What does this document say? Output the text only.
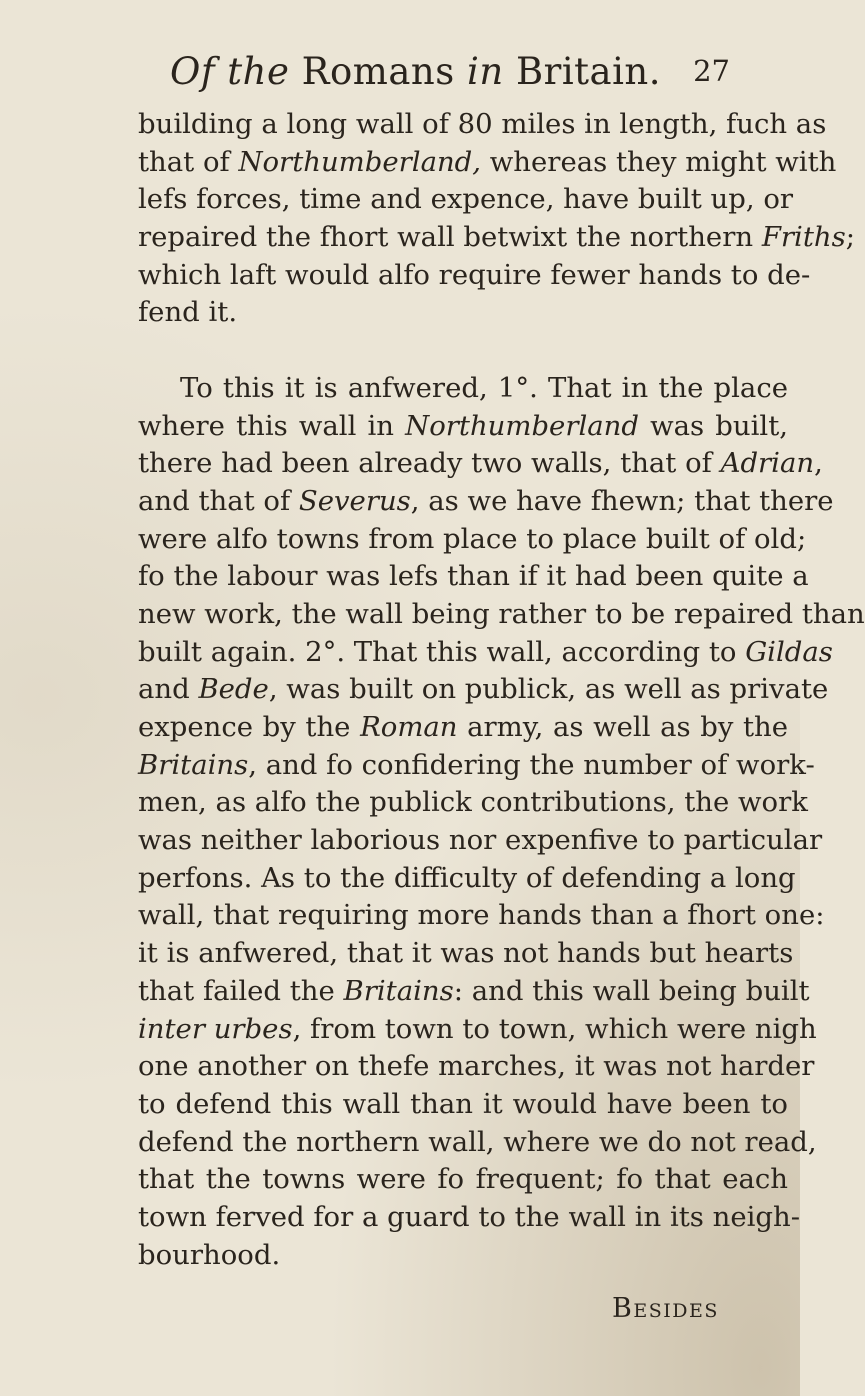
Of the Romans in Britain. 27
building a long wall of 80 miles in length, fuch as
that of Northumberland, whereas they might with
lefs forces, time and expence, have built up, or
repaired the fhort wall betwixt the northern Friths;
which laft would alfo require fewer hands to de-
fend it.
To this it is anfwered, 1°. That in the place
where this wall in Northumberland was built,
there had been already two walls, that of Adrian,
and that of Severus, as we have fhewn; that there
were alfo towns from place to place built of old;
fo the labour was lefs than if it had been quite a
new work, the wall being rather to be repaired than
built again. 2°. That this wall, according to Gildas
and Bede, was built on publick, as well as private
expence by the Roman army, as well as by the
Britains, and fo confidering the number of work-
men, as alfo the publick contributions, the work
was neither laborious nor expenfive to particular
perfons. As to the difficulty of defending a long
wall, that requiring more hands than a fhort one:
it is anfwered, that it was not hands but hearts
that failed the Britains: and this wall being built
inter urbes, from town to town, which were nigh
one another on thefe marches, it was not harder
to defend this wall than it would have been to
defend the northern wall, where we do not read,
that the towns were fo frequent; fo that each
town ferved for a guard to the wall in its neigh-
bourhood.
Besides
